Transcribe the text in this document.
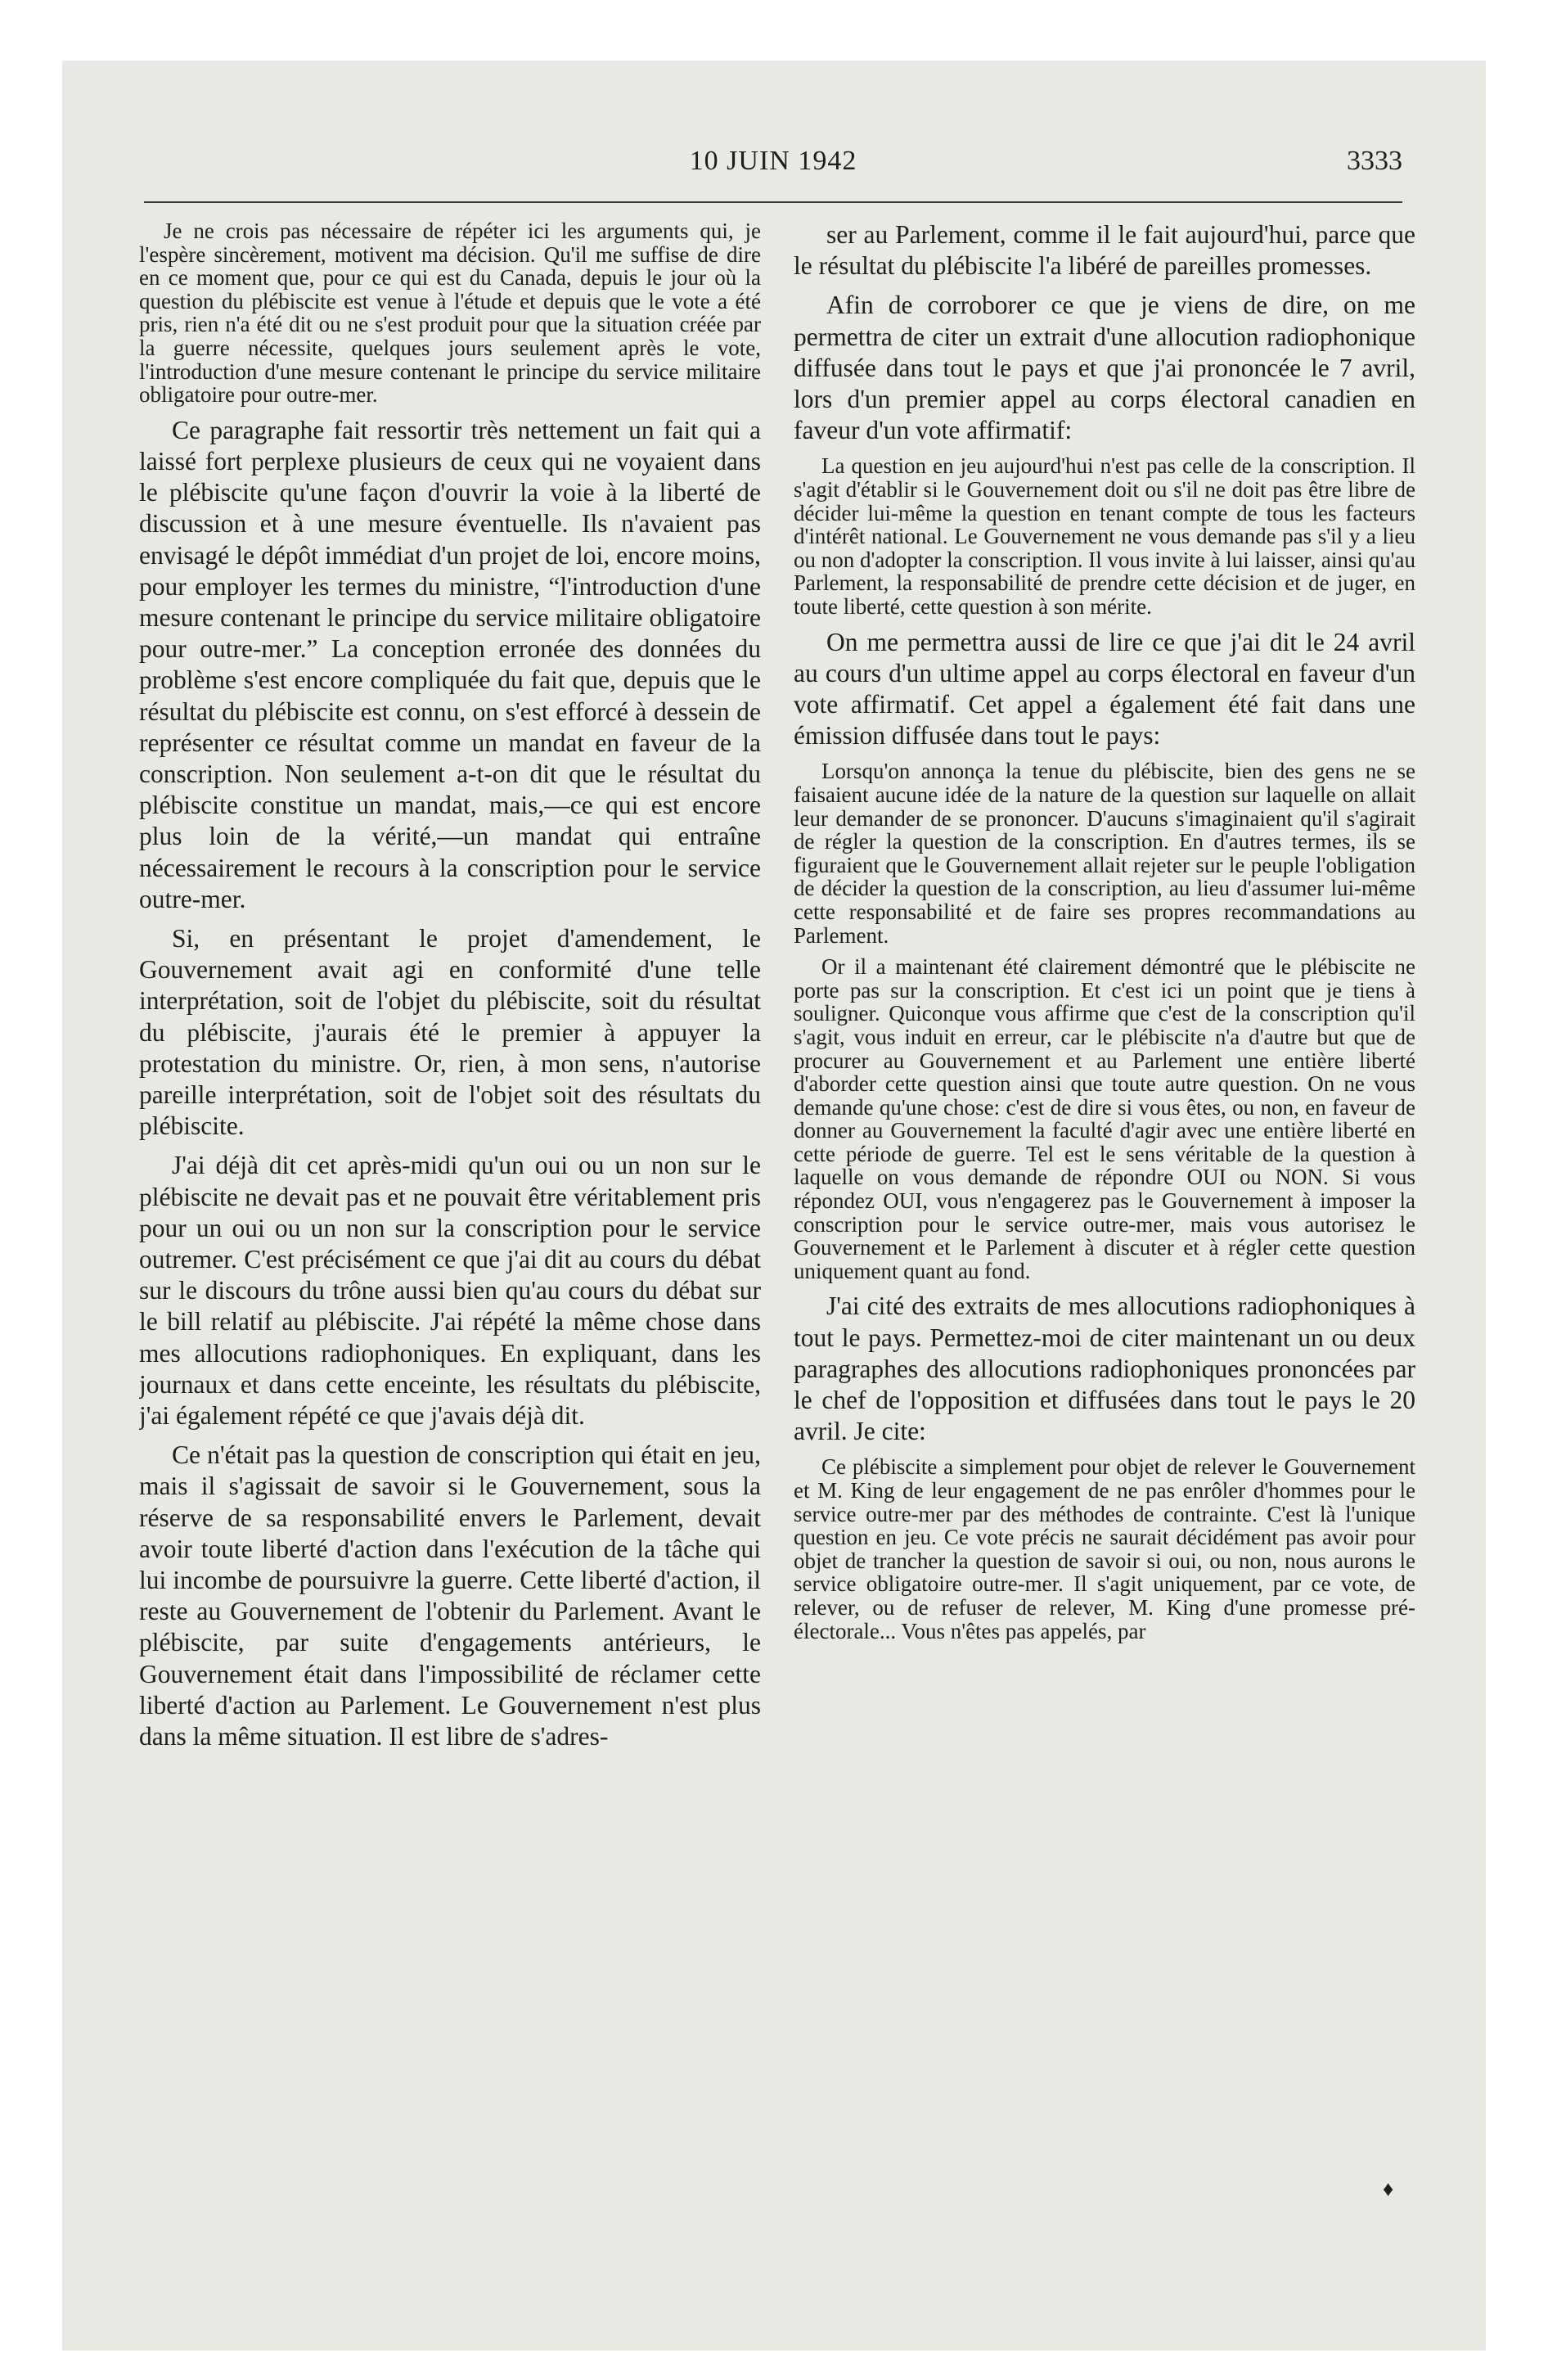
10 JUIN 1942	3333

Je ne crois pas nécessaire de répéter ici les arguments qui, je l'espère sincèrement, motivent ma décision. Qu'il me suffise de dire en ce moment que, pour ce qui est du Canada, depuis le jour où la question du plébiscite est venue à l'étude et depuis que le vote a été pris, rien n'a été dit ou ne s'est produit pour que la situation créée par la guerre nécessite, quelques jours seulement après le vote, l'introduction d'une mesure contenant le principe du service militaire obligatoire pour outre-mer.

Ce paragraphe fait ressortir très nettement un fait qui a laissé fort perplexe plusieurs de ceux qui ne voyaient dans le plébiscite qu'une façon d'ouvrir la voie à la liberté de discussion et à une mesure éventuelle. Ils n'avaient pas envisagé le dépôt immédiat d'un projet de loi, encore moins, pour employer les termes du ministre, “l'introduction d'une mesure contenant le principe du service militaire obligatoire pour outre-mer.” La conception erronée des données du problème s'est encore compliquée du fait que, depuis que le résultat du plébiscite est connu, on s'est efforcé à dessein de représenter ce résultat comme un mandat en faveur de la conscription. Non seulement a-t-on dit que le résultat du plébiscite constitue un mandat, mais,—ce qui est encore plus loin de la vérité,—un mandat qui entraîne nécessairement le recours à la conscription pour le service outre-mer.

Si, en présentant le projet d'amendement, le Gouvernement avait agi en conformité d'une telle interprétation, soit de l'objet du plébiscite, soit du résultat du plébiscite, j'aurais été le premier à appuyer la protestation du ministre. Or, rien, à mon sens, n'autorise pareille interprétation, soit de l'objet soit des résultats du plébiscite.

J'ai déjà dit cet après-midi qu'un oui ou un non sur le plébiscite ne devait pas et ne pouvait être véritablement pris pour un oui ou un non sur la conscription pour le service outremer. C'est précisément ce que j'ai dit au cours du débat sur le discours du trône aussi bien qu'au cours du débat sur le bill relatif au plébiscite. J'ai répété la même chose dans mes allocutions radiophoniques. En expliquant, dans les journaux et dans cette enceinte, les résultats du plébiscite, j'ai également répété ce que j'avais déjà dit.

Ce n'était pas la question de conscription qui était en jeu, mais il s'agissait de savoir si le Gouvernement, sous la réserve de sa responsabilité envers le Parlement, devait avoir toute liberté d'action dans l'exécution de la tâche qui lui incombe de poursuivre la guerre. Cette liberté d'action, il reste au Gouvernement de l'obtenir du Parlement. Avant le plébiscite, par suite d'engagements antérieurs, le Gouvernement était dans l'impossibilité de réclamer cette liberté d'action au Parlement. Le Gouvernement n'est plus dans la même situation. Il est libre de s'adres-

ser au Parlement, comme il le fait aujourd'hui, parce que le résultat du plébiscite l'a libéré de pareilles promesses.

Afin de corroborer ce que je viens de dire, on me permettra de citer un extrait d'une allocution radiophonique diffusée dans tout le pays et que j'ai prononcée le 7 avril, lors d'un premier appel au corps électoral canadien en faveur d'un vote affirmatif:

La question en jeu aujourd'hui n'est pas celle de la conscription. Il s'agit d'établir si le Gouvernement doit ou s'il ne doit pas être libre de décider lui-même la question en tenant compte de tous les facteurs d'intérêt national. Le Gouvernement ne vous demande pas s'il y a lieu ou non d'adopter la conscription. Il vous invite à lui laisser, ainsi qu'au Parlement, la responsabilité de prendre cette décision et de juger, en toute liberté, cette question à son mérite.

On me permettra aussi de lire ce que j'ai dit le 24 avril au cours d'un ultime appel au corps électoral en faveur d'un vote affirmatif. Cet appel a également été fait dans une émission diffusée dans tout le pays:

Lorsqu'on annonça la tenue du plébiscite, bien des gens ne se faisaient aucune idée de la nature de la question sur laquelle on allait leur demander de se prononcer. D'aucuns s'imaginaient qu'il s'agirait de régler la question de la conscription. En d'autres termes, ils se figuraient que le Gouvernement allait rejeter sur le peuple l'obligation de décider la question de la conscription, au lieu d'assumer lui-même cette responsabilité et de faire ses propres recommandations au Parlement.

Or il a maintenant été clairement démontré que le plébiscite ne porte pas sur la conscription. Et c'est ici un point que je tiens à souligner. Quiconque vous affirme que c'est de la conscription qu'il s'agit, vous induit en erreur, car le plébiscite n'a d'autre but que de procurer au Gouvernement et au Parlement une entière liberté d'aborder cette question ainsi que toute autre question. On ne vous demande qu'une chose: c'est de dire si vous êtes, ou non, en faveur de donner au Gouvernement la faculté d'agir avec une entière liberté en cette période de guerre. Tel est le sens véritable de la question à laquelle on vous demande de répondre OUI ou NON. Si vous répondez OUI, vous n'engagerez pas le Gouvernement à imposer la conscription pour le service outre-mer, mais vous autorisez le Gouvernement et le Parlement à discuter et à régler cette question uniquement quant au fond.

J'ai cité des extraits de mes allocutions radiophoniques à tout le pays. Permettez-moi de citer maintenant un ou deux paragraphes des allocutions radiophoniques prononcées par le chef de l'opposition et diffusées dans tout le pays le 20 avril. Je cite:

Ce plébiscite a simplement pour objet de relever le Gouvernement et M. King de leur engagement de ne pas enrôler d'hommes pour le service outre-mer par des méthodes de contrainte. C'est là l'unique question en jeu. Ce vote précis ne saurait décidément pas avoir pour objet de trancher la question de savoir si oui, ou non, nous aurons le service obligatoire outre-mer. Il s'agit uniquement, par ce vote, de relever, ou de refuser de relever, M. King d'une promesse pré-électorale... Vous n'êtes pas appelés, par

♦
